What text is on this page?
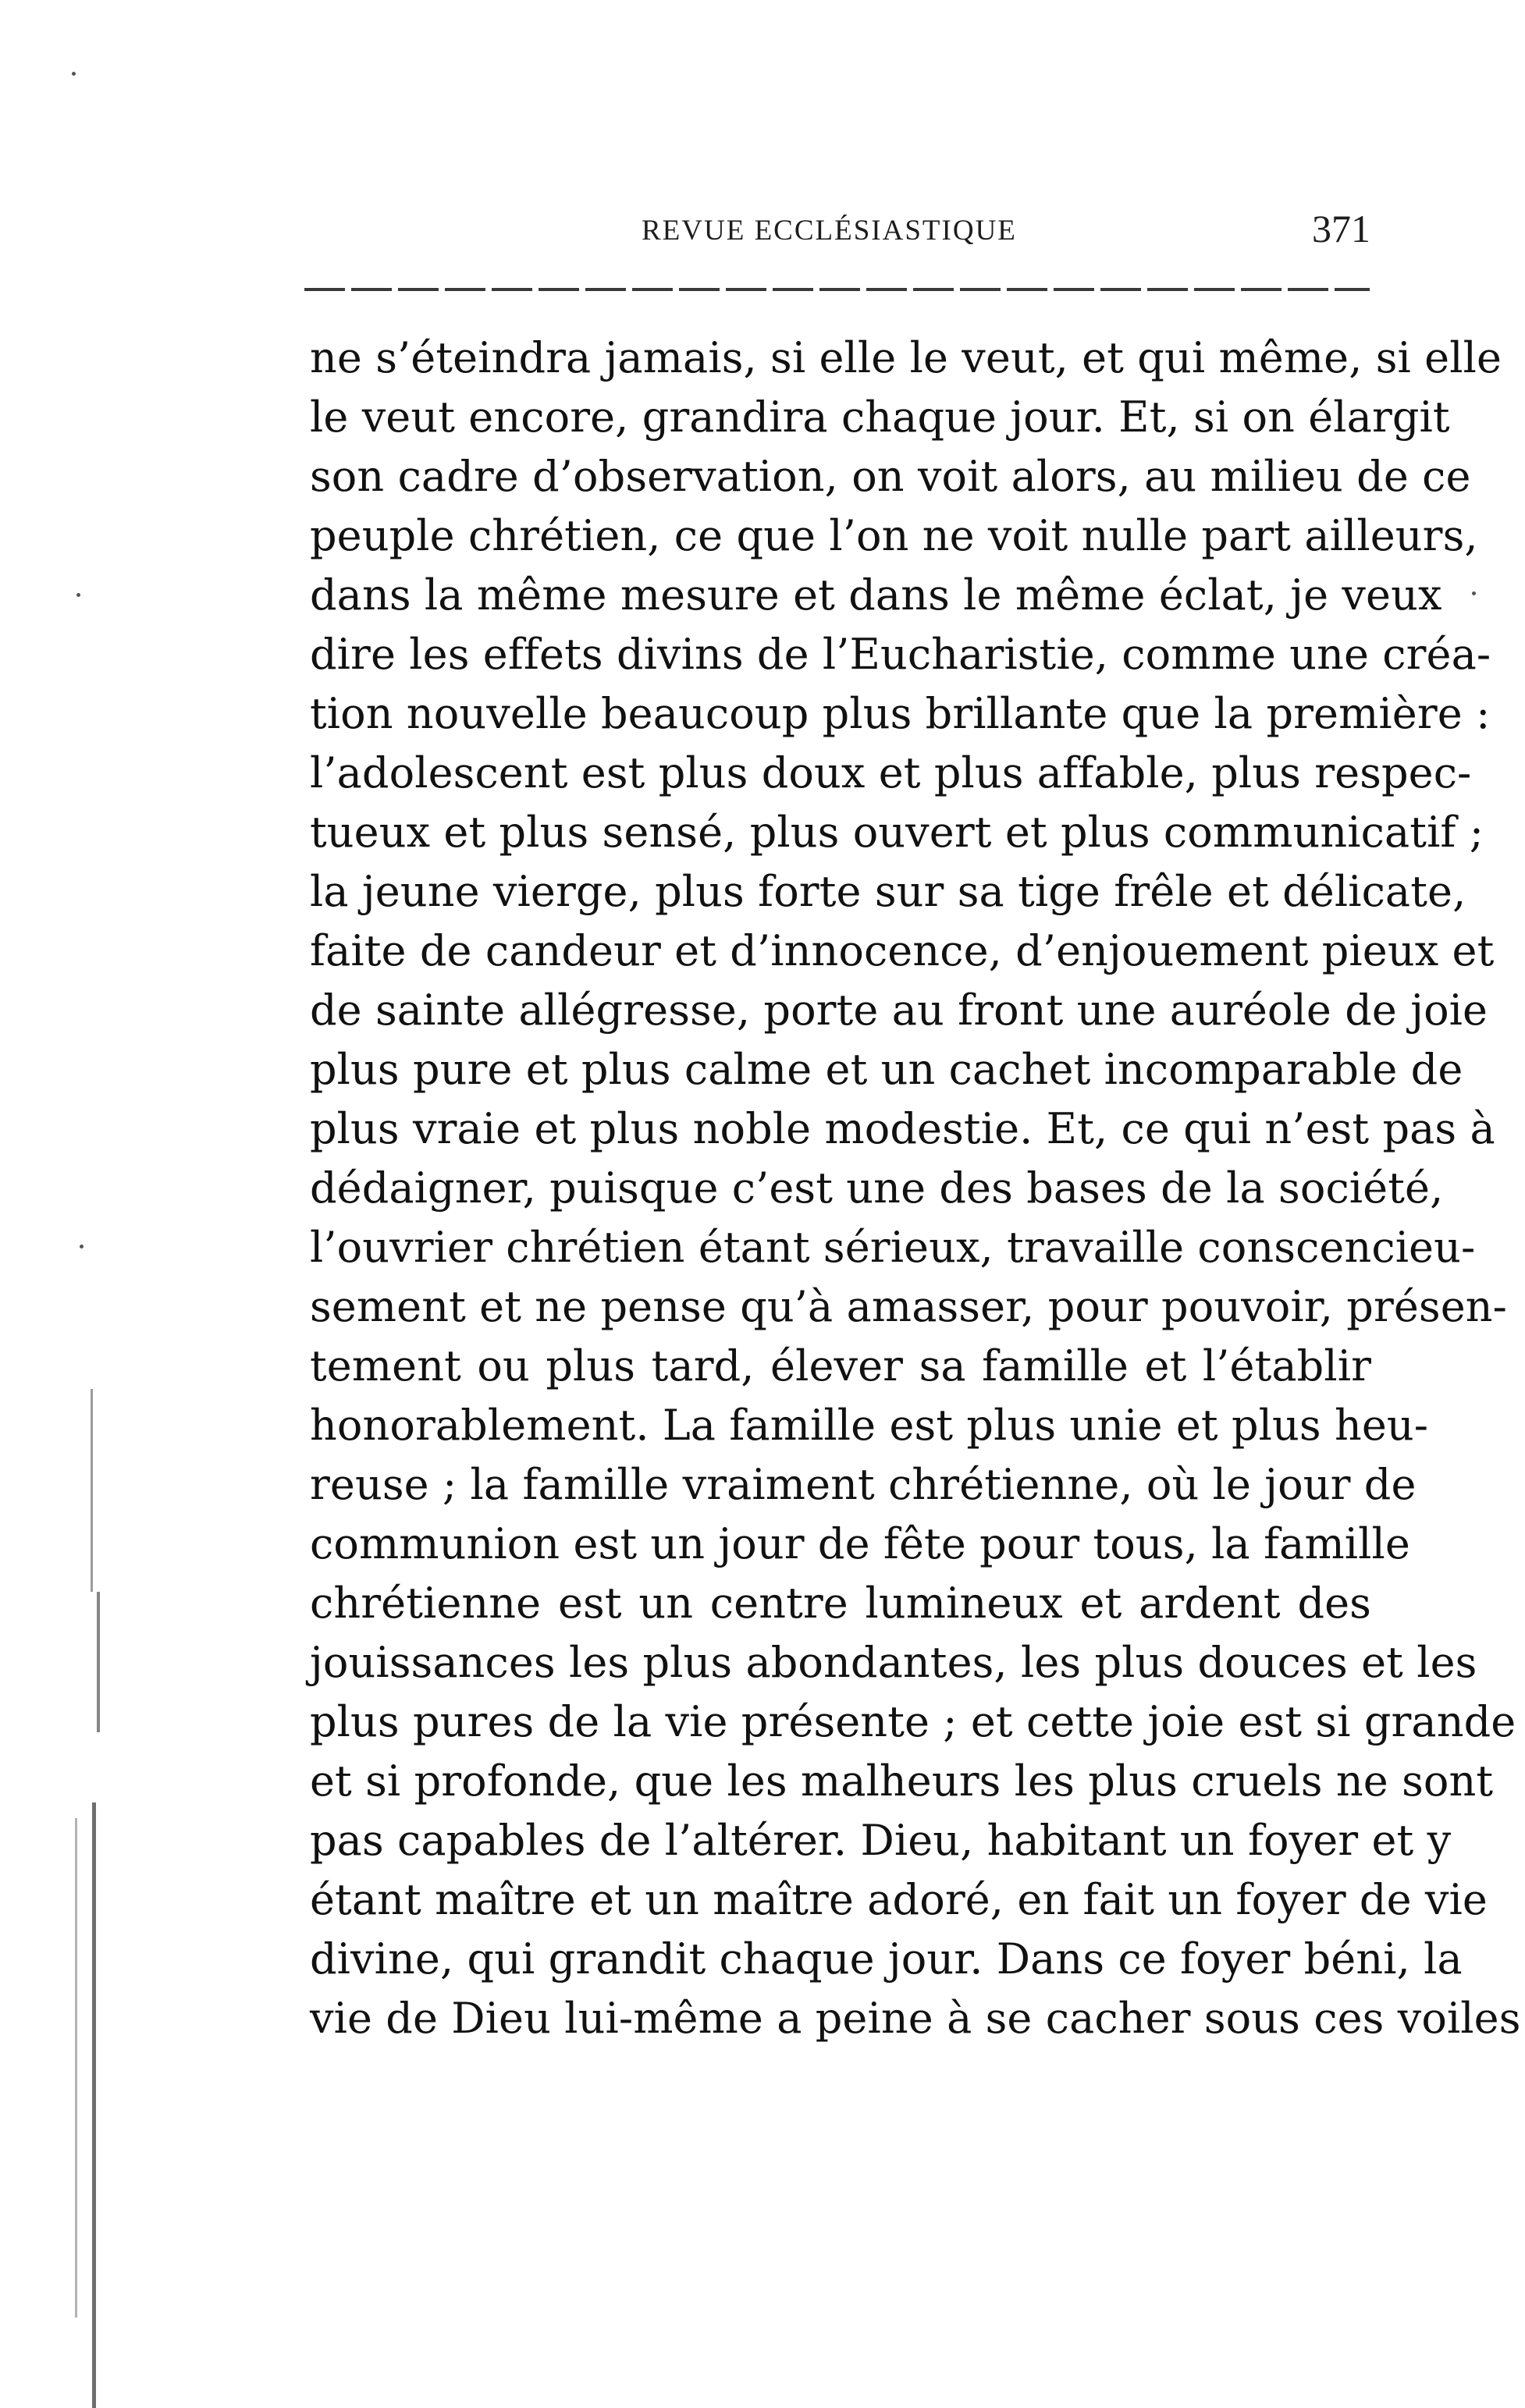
REVUE ECCLÉSIASTIQUE	371
ne s’éteindra jamais, si elle le veut, et qui même, si elle
le veut encore, grandira chaque jour. Et, si on élargit
son cadre d’observation, on voit alors, au milieu de ce
peuple chrétien, ce que l’on ne voit nulle part ailleurs,
dans la même mesure et dans le même éclat, je veux
dire les effets divins de l’Eucharistie, comme une créa-
tion nouvelle beaucoup plus brillante que la première :
l’adolescent est plus doux et plus affable, plus respec-
tueux et plus sensé, plus ouvert et plus communicatif ;
la jeune vierge, plus forte sur sa tige frêle et délicate,
faite de candeur et d’innocence, d’enjouement pieux et
de sainte allégresse, porte au front une auréole de joie
plus pure et plus calme et un cachet incomparable de
plus vraie et plus noble modestie. Et, ce qui n’est pas à
dédaigner, puisque c’est une des bases de la société,
l’ouvrier chrétien étant sérieux, travaille conscencieu-
sement et ne pense qu’à amasser, pour pouvoir, présen-
tement ou plus tard, élever sa famille et l’établir
honorablement. La famille est plus unie et plus heu-
reuse ; la famille vraiment chrétienne, où le jour de
communion est un jour de fête pour tous, la famille
chrétienne est un centre lumineux et ardent des
jouissances les plus abondantes, les plus douces et les
plus pures de la vie présente ; et cette joie est si grande
et si profonde, que les malheurs les plus cruels ne sont
pas capables de l’altérer. Dieu, habitant un foyer et y
étant maître et un maître adoré, en fait un foyer de vie
divine, qui grandit chaque jour. Dans ce foyer béni, la
vie de Dieu lui-même a peine à se cacher sous ces voiles
